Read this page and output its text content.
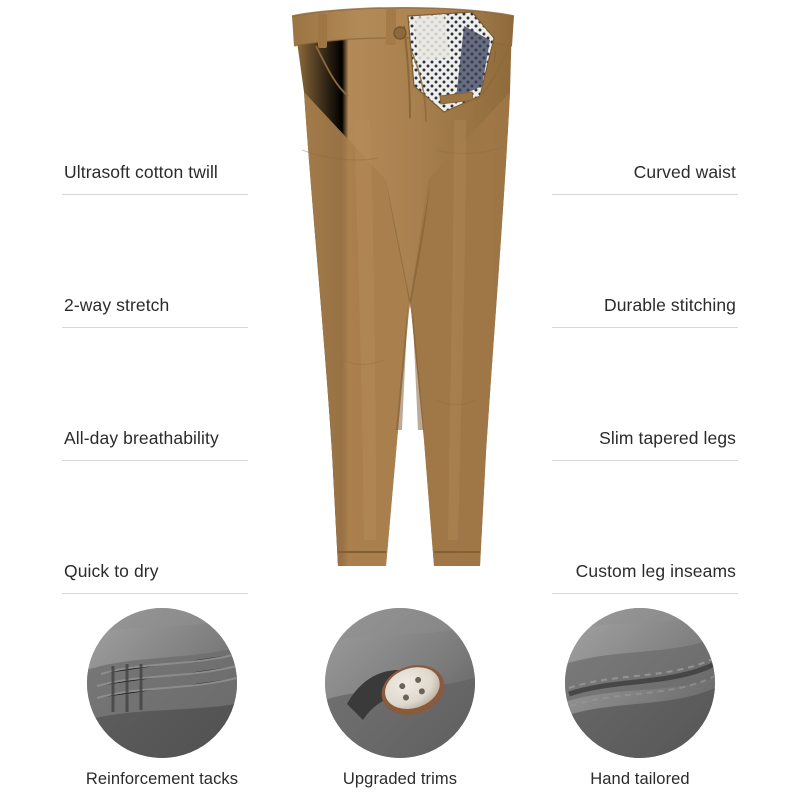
Ultrasoft cotton twill
2-way stretch
All-day breathability
Quick to dry
Curved waist
Durable stitching
Slim tapered legs
Custom leg inseams
Reinforcement tacks	Upgraded trims	Hand tailored
